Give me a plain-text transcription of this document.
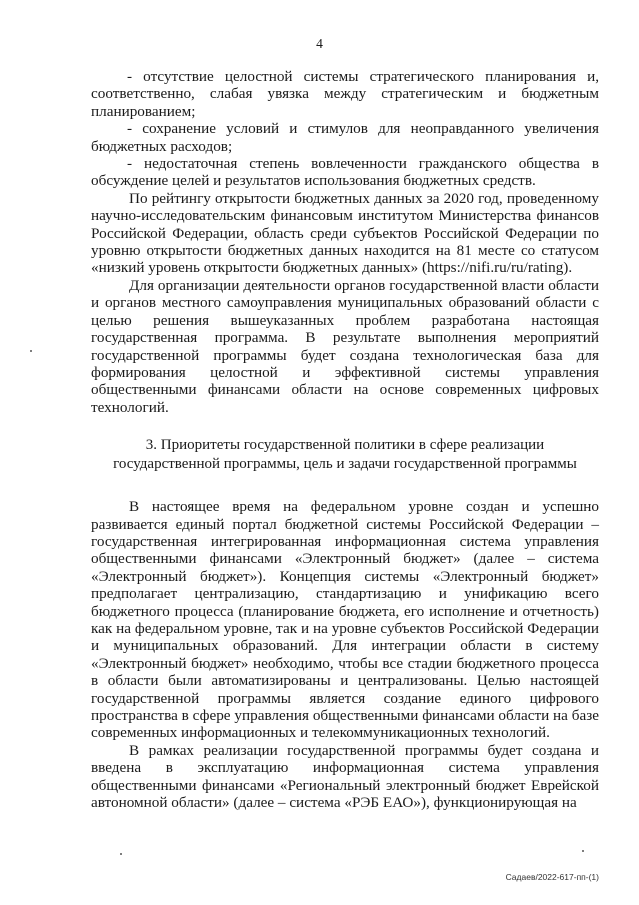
4

- отсутствие целостной системы стратегического планирования и, соответственно, слабая увязка между стратегическим и бюджетным планированием;

- сохранение условий и стимулов для неоправданного увеличения бюджетных расходов;

- недостаточная степень вовлеченности гражданского общества в обсуждение целей и результатов использования бюджетных средств.

По рейтингу открытости бюджетных данных за 2020 год, проведенному научно-исследовательским финансовым институтом Министерства финансов Российской Федерации, область среди субъектов Российской Федерации по уровню открытости бюджетных данных находится на 81 месте со статусом «низкий уровень открытости бюджетных данных» (https://nifi.ru/ru/rating).

Для организации деятельности органов государственной власти области и органов местного самоуправления муниципальных образований области с целью решения вышеуказанных проблем разработана настоящая государственная программа. В результате выполнения мероприятий государственной программы будет создана технологическая база для формирования целостной и эффективной системы управления общественными финансами области на основе современных цифровых технологий.

3. Приоритеты государственной политики в сфере реализации государственной программы, цель и задачи государственной программы

В настоящее время на федеральном уровне создан и успешно развивается единый портал бюджетной системы Российской Федерации – государственная интегрированная информационная система управления общественными финансами «Электронный бюджет» (далее – система «Электронный бюджет»). Концепция системы «Электронный бюджет» предполагает централизацию, стандартизацию и унификацию всего бюджетного процесса (планирование бюджета, его исполнение и отчетность) как на федеральном уровне, так и на уровне субъектов Российской Федерации и муниципальных образований. Для интеграции области в систему «Электронный бюджет» необходимо, чтобы все стадии бюджетного процесса в области были автоматизированы и централизованы. Целью настоящей государственной программы является создание единого цифрового пространства в сфере управления общественными финансами области на базе современных информационных и телекоммуникационных технологий.

В рамках реализации государственной программы будет создана и введена в эксплуатацию информационная система управления общественными финансами «Региональный электронный бюджет Еврейской автономной области» (далее – система «РЭБ ЕАО»), функционирующая на

Садаев/2022-617-пп-(1)
